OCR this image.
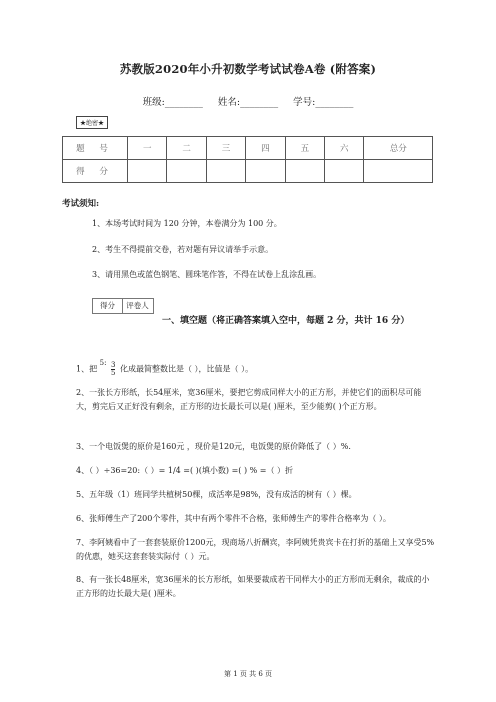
苏教版2020年小升初数学考试试卷A卷 (附答案)
班级:________ 姓名:________ 学号:________
★绝密★
题 号	一	二	三	四	五	六	总分
得 分							
考试须知:
1、本场考试时间为 120 分钟，本卷满分为 100 分。
2、考生不得提前交卷，若对题有异议请举手示意。
3、请用黑色或蓝色钢笔、圆珠笔作答，不得在试卷上乱涂乱画。
得分 评卷人
一、填空题（将正确答案填入空中，每题 2 分，共计 16 分）
1、把 5: $\frac{3}{5}$ 化成最简整数比是（ ），比值是（ ）。
2、一张长方形纸，长54厘米，宽36厘米，要把它剪成同样大小的正方形，并使它们的面积尽可能大，剪完后又正好没有剩余，正方形的边长最长可以是( )厘米，至少能剪( )个正方形。
3、一个电饭煲的原价是160元 ，现价是120元，电饭煲的原价降低了（ ）%.
4、（ ）÷36=20:（ ）= 1/4 =( )(填小数) =( ) % =（ ）折
5、五年级（1）班同学共植树50棵，成活率是98%，没有成活的树有（ ）棵。
6、张师傅生产了200个零件，其中有两个零件不合格，张师傅生产的零件合格率为（ ）。
7、李阿姨看中了一套套装原价1200元，现商场八折酬宾，李阿姨凭贵宾卡在打折的基础上又享受5%的优惠，她买这套套装实际付（ ）元。
8、有一张长48厘米，宽36厘米的长方形纸，如果要裁成若干同样大小的正方形而无剩余，裁成的小正方形的边长最大是( )厘米。
第 1 页 共 6 页
